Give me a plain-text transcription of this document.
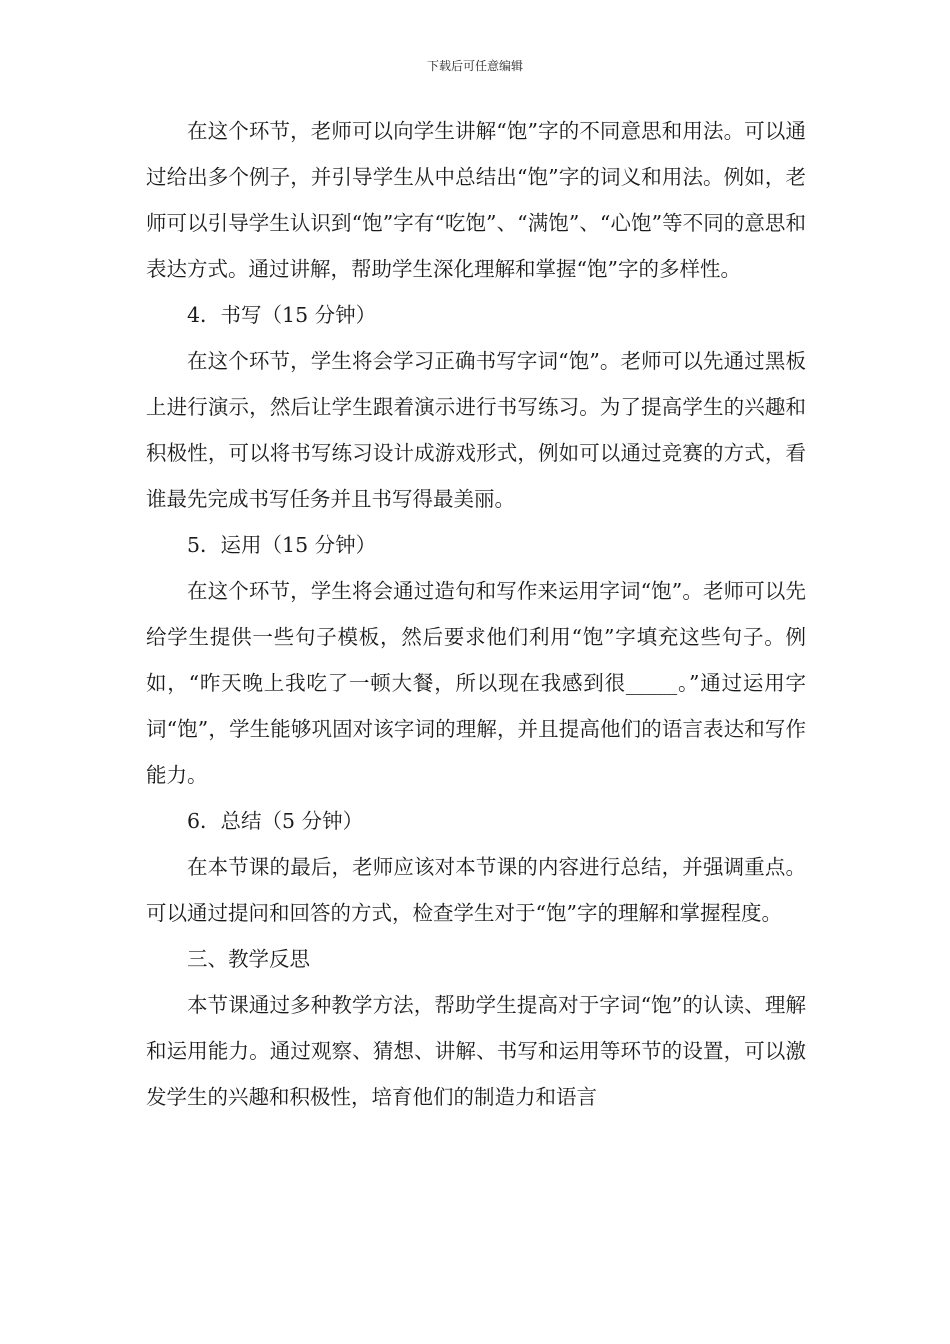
下载后可任意编辑

在这个环节，老师可以向学生讲解“饱”字的不同意思和用法。可以通过给出多个例子，并引导学生从中总结出“饱”字的词义和用法。例如，老师可以引导学生认识到“饱”字有“吃饱”、“满饱”、“心饱”等不同的意思和表达方式。通过讲解，帮助学生深化理解和掌握“饱”字的多样性。

4．书写（15 分钟）

在这个环节，学生将会学习正确书写字词“饱”。老师可以先通过黑板上进行演示，然后让学生跟着演示进行书写练习。为了提高学生的兴趣和积极性，可以将书写练习设计成游戏形式，例如可以通过竞赛的方式，看谁最先完成书写任务并且书写得最美丽。

5．运用（15 分钟）

在这个环节，学生将会通过造句和写作来运用字词“饱”。老师可以先给学生提供一些句子模板，然后要求他们利用“饱”字填充这些句子。例如，“昨天晚上我吃了一顿大餐，所以现在我感到很_____。”通过运用字词“饱”，学生能够巩固对该字词的理解，并且提高他们的语言表达和写作能力。

6．总结（5 分钟）

在本节课的最后，老师应该对本节课的内容进行总结，并强调重点。可以通过提问和回答的方式，检查学生对于“饱”字的理解和掌握程度。

三、教学反思

本节课通过多种教学方法，帮助学生提高对于字词“饱”的认读、理解和运用能力。通过观察、猜想、讲解、书写和运用等环节的设置，可以激发学生的兴趣和积极性，培育他们的制造力和语言
